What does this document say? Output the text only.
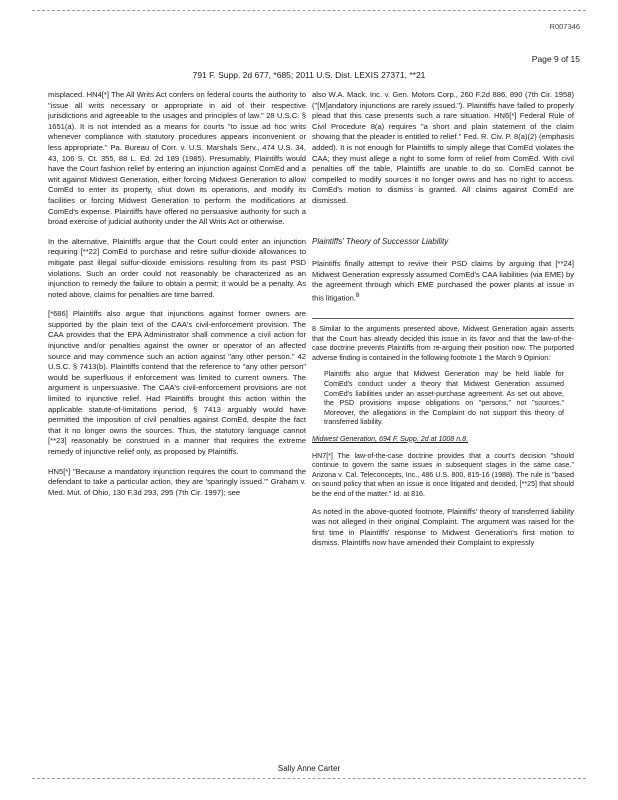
R007346
Page 9 of 15
791 F. Supp. 2d 677, *685; 2011 U.S. Dist. LEXIS 27371, **21

misplaced. HN4[*] The All Writs Act confers on federal courts the authority to "issue all writs necessary or appropriate in aid of their respective jurisdictions and agreeable to the usages and principles of law." 28 U.S.C. § 1651(a). It is not intended as a means for courts "to issue ad hoc writs whenever compliance with statutory procedures appears inconvenient or less appropriate." Pa. Bureau of Corr. v. U.S. Marshals Serv., 474 U.S. 34, 43, 106 S. Ct. 355, 88 L. Ed. 2d 189 (1985). Presumably, Plaintiffs would have the Court fashion relief by entering an injunction against ComEd and a writ against Midwest Generation, either forcing Midwest Generation to allow ComEd to enter its property, shut down its operations, and modify its facilities or forcing Midwest Generation to perform the modifications at ComEd's expense. Plaintiffs have offered no persuasive authority for such a broad exercise of judicial authority under the All Writs Act or otherwise.

In the alternative, Plaintiffs argue that the Court could enter an injunction requiring [**22] ComEd to purchase and retire sulfur-dioxide allowances to mitigate past illegal sulfur-dioxide emissions resulting from its past PSD violations. Such an order could not reasonably be characterized as an injunction to remedy the failure to obtain a permit; it would be a penalty. As noted above, claims for penalties are time barred.

[*686] Plaintiffs also argue that injunctions against former owners are supported by the plain text of the CAA's civil-enforcement provision. The CAA provides that the EPA Administrator shall commence a civil action for injunctive and/or penalties against the owner or operator of an affected source and may commence such an action against "any other person." 42 U.S.C. § 7413(b). Plaintiffs contend that the reference to "any other person" would be superfluous if enforcement was limited to current owners. The argument is unpersuasive. The CAA's civil-enforcement provisions are not limited to injunctive relief. Had Plaintiffs brought this action within the applicable statute-of-limitations period, § 7413 arguably would have permitted the imposition of civil penalties against ComEd, despite the fact that it no longer owns the sources. Thus, the statutory language cannot [**23] reasonably be construed in a manner that requires the extreme remedy of injunctive relief only, as proposed by Plaintiffs.

HN5[*] "Because a mandatory injunction requires the court to command the defendant to take a particular action, they are 'sparingly issued.'" Graham v. Med. Mut. of Ohio, 130 F.3d 293, 295 (7th Cir. 1997); see

also W.A. Mack, Inc. v. Gen. Motors Corp., 260 F.2d 886, 890 (7th Cir. 1958) ("[M]andatory injunctions are rarely issued."). Plaintiffs have failed to properly plead that this case presents such a rare situation. HN6[*] Federal Rule of Civil Procedure 8(a) requires "a short and plain statement of the claim showing that the pleader is entitled to relief." Fed. R. Civ. P. 8(a)(2) (emphasis added). It is not enough for Plaintiffs to simply allege that ComEd violates the CAA; they must allege a right to some form of relief from ComEd. With civil penalties off the table, Plaintiffs are unable to do so. ComEd cannot be compelled to modify sources it no longer owns and has no right to access. ComEd's motion to dismiss is granted. All claims against ComEd are dismissed.

Plaintiffs' Theory of Successor Liability

Plaintiffs finally attempt to revive their PSD claims by arguing that [**24] Midwest Generation expressly assumed ComEd's CAA liabilities (via EME) by the agreement through which EME purchased the power plants at issue in this litigation.$^8$

8 Similar to the arguments presented above, Midwest Generation again asserts that the Court has already decided this issue in its favor and that the law-of-the-case doctrine prevents Plaintiffs from re-arguing their position now. The purported adverse finding is contained in the following footnote 1 the March 9 Opinion:

Plaintiffs also argue that Midwest Generation may be held liable for ComEd's conduct under a theory that Midwest Generation assumed ComEd's liabilities under an asset-purchase agreement. As set out above, the PSD provisions impose obligations on "persons," not "sources." Moreover, the allegations in the Complaint do not support this theory of transferred liability.

Midwest Generation, 694 F. Supp. 2d at 1008 n.8.

HN7[*] The law-of-the-case doctrine provides that a court's decision "should continue to govern the same issues in subsequent stages in the same case." Arizona v. Cal. Teleconcepts, Inc., 486 U.S. 800, 815-16 (1988). The rule is "based on sound policy that when an issue is once litigated and decided, [**25] that should be the end of the matter." Id. at 816.

As noted in the above-quoted footnote, Plaintiffs' theory of transferred liability was not alleged in their original Complaint. The argument was raised for the first time in Plaintiffs' response to Midwest Generation's first motion to dismiss. Plaintiffs now have amended their Complaint to expressly

Sally Anne Carter
